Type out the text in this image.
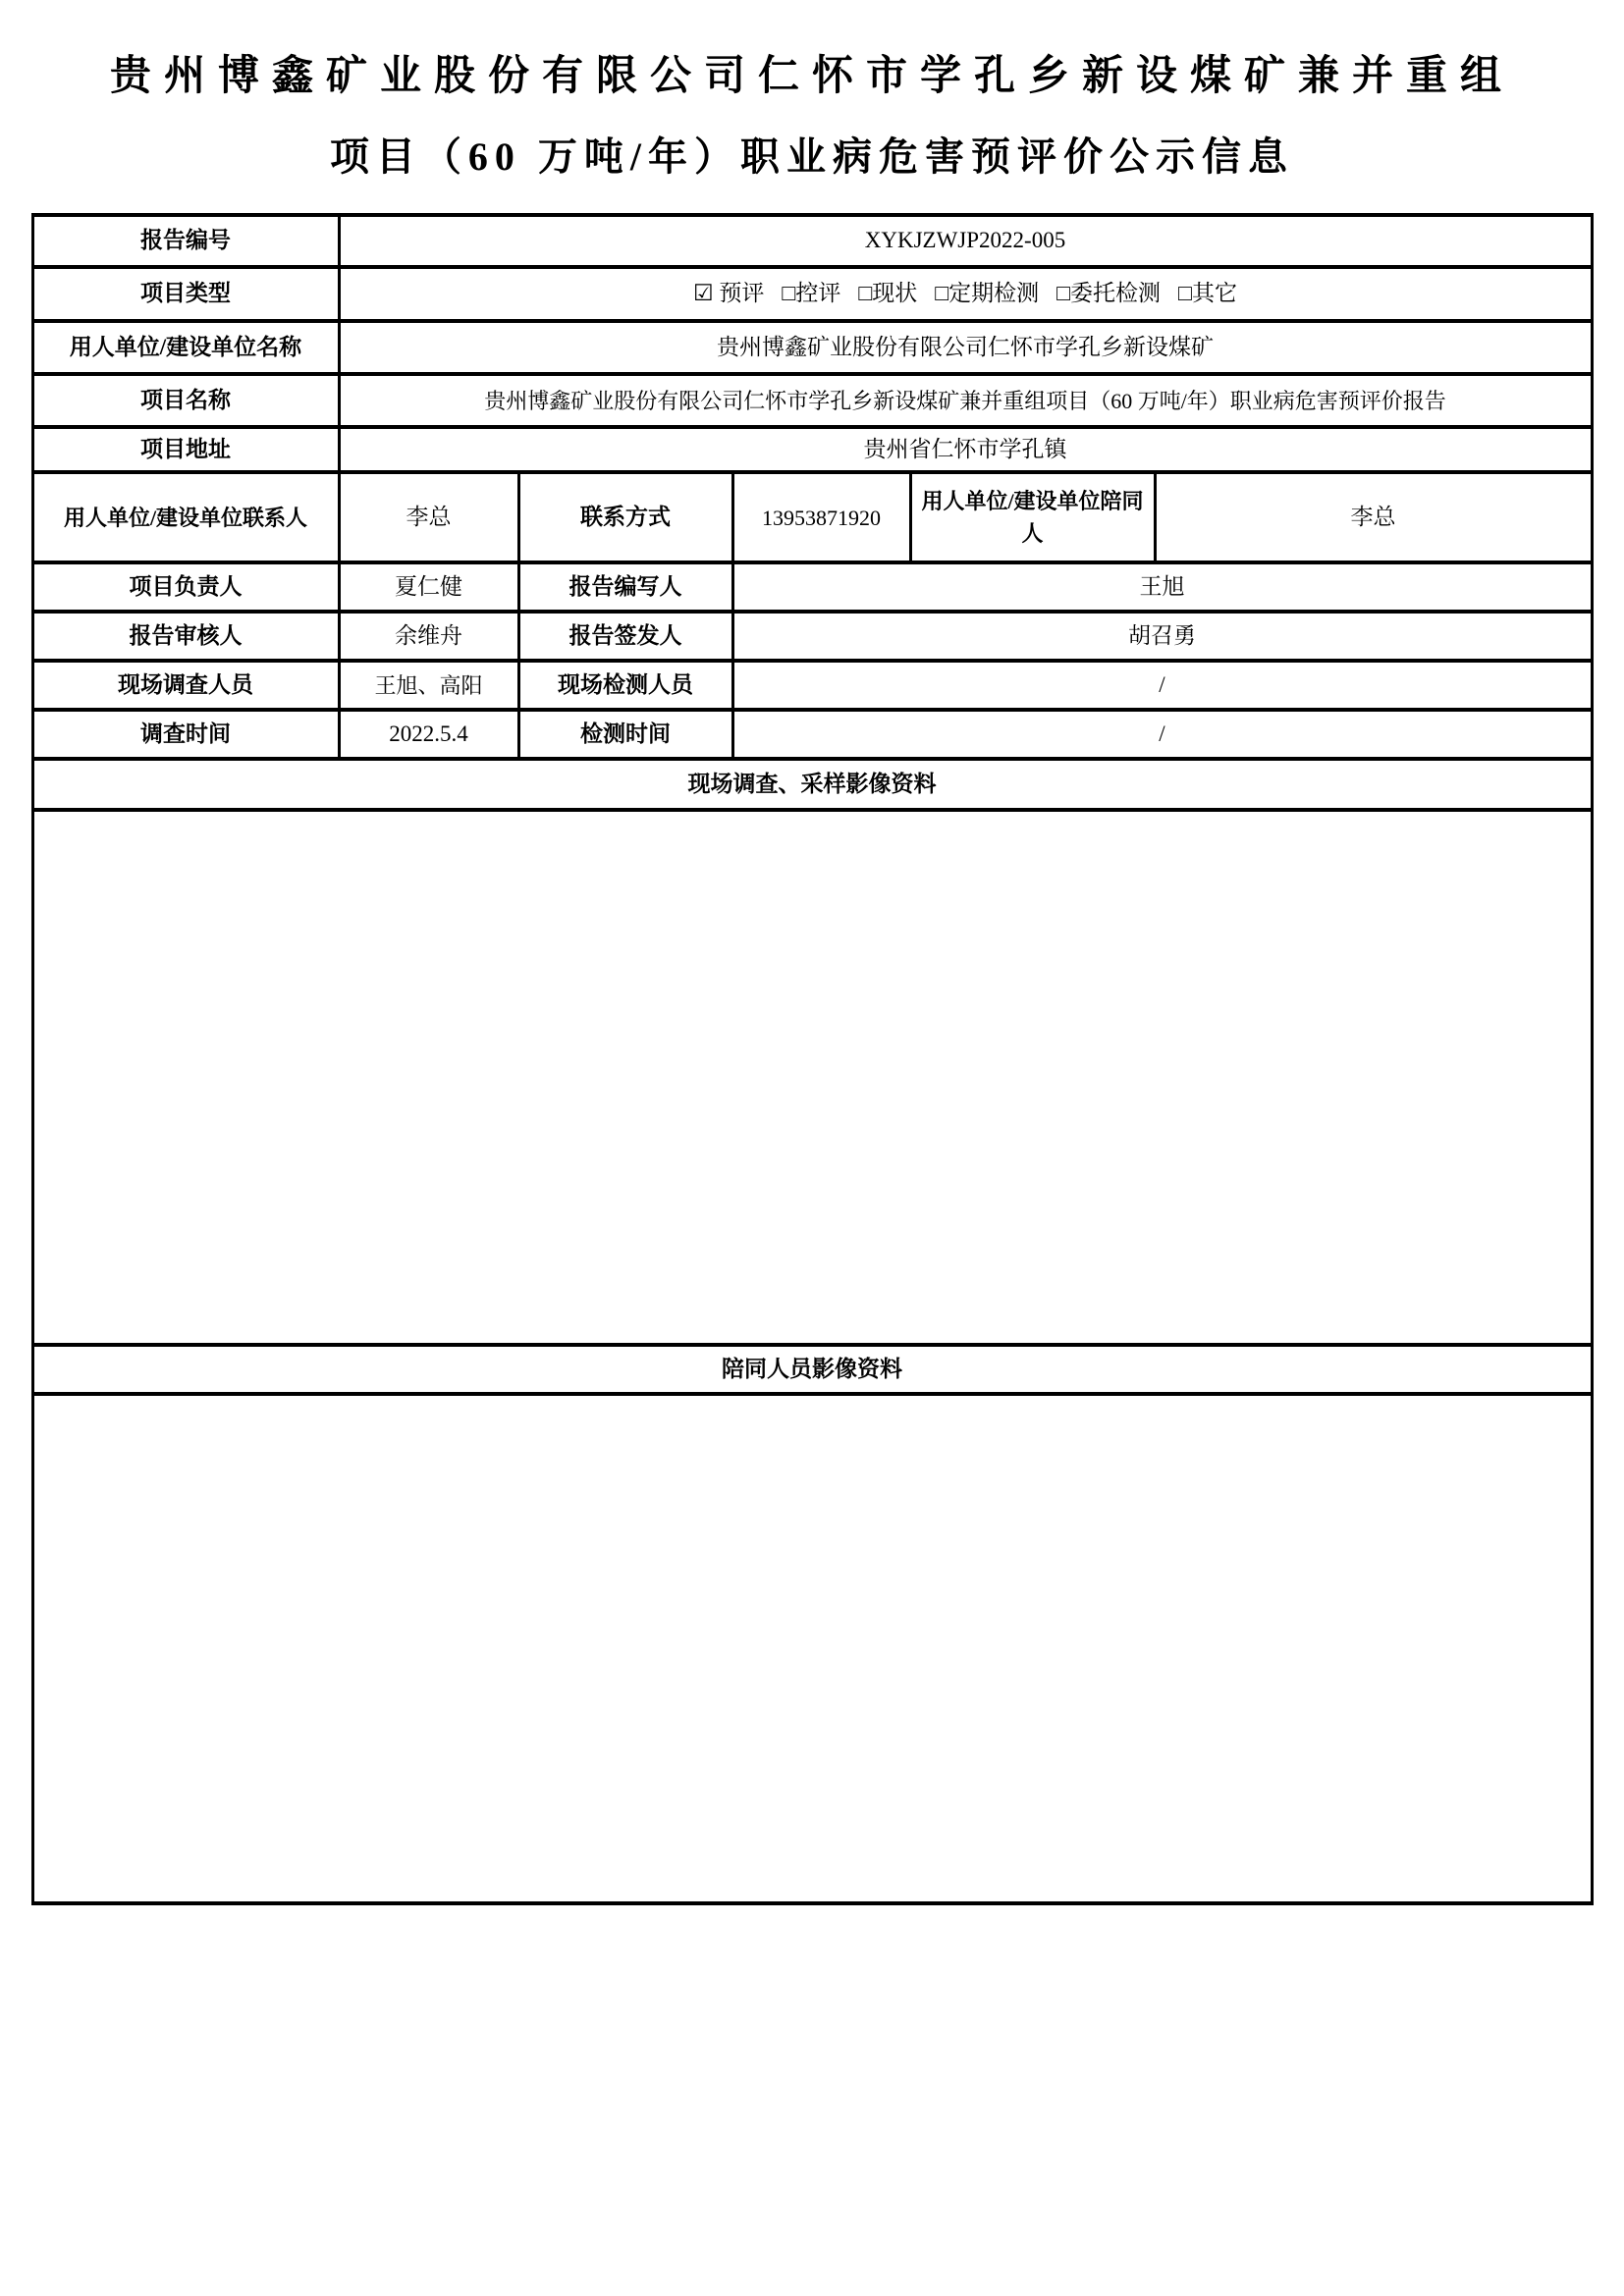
贵州博鑫矿业股份有限公司仁怀市学孔乡新设煤矿兼并重组
项目（60 万吨/年）职业病危害预评价公示信息
报告编号	XYKJZWJP2022-005				
项目类型	☑ 预评 □控评 □现状 □定期检测 □委托检测 □其它				
用人单位/建设单位名称	贵州博鑫矿业股份有限公司仁怀市学孔乡新设煤矿				
项目名称	贵州博鑫矿业股份有限公司仁怀市学孔乡新设煤矿兼并重组项目（60 万吨/年）职业病危害预评价报告				
项目地址	贵州省仁怀市学孔镇				
用人单位/建设单位联系人	李总	联系方式	13953871920	用人单位/建设单位陪同人	李总
项目负责人	夏仁健	报告编写人	王旭		
报告审核人	余维舟	报告签发人	胡召勇		
现场调查人员	王旭、高阳	现场检测人员	/		
调查时间	2022.5.4	检测时间	/		
现场调查、采样影像资料					

陪同人员影像资料					
